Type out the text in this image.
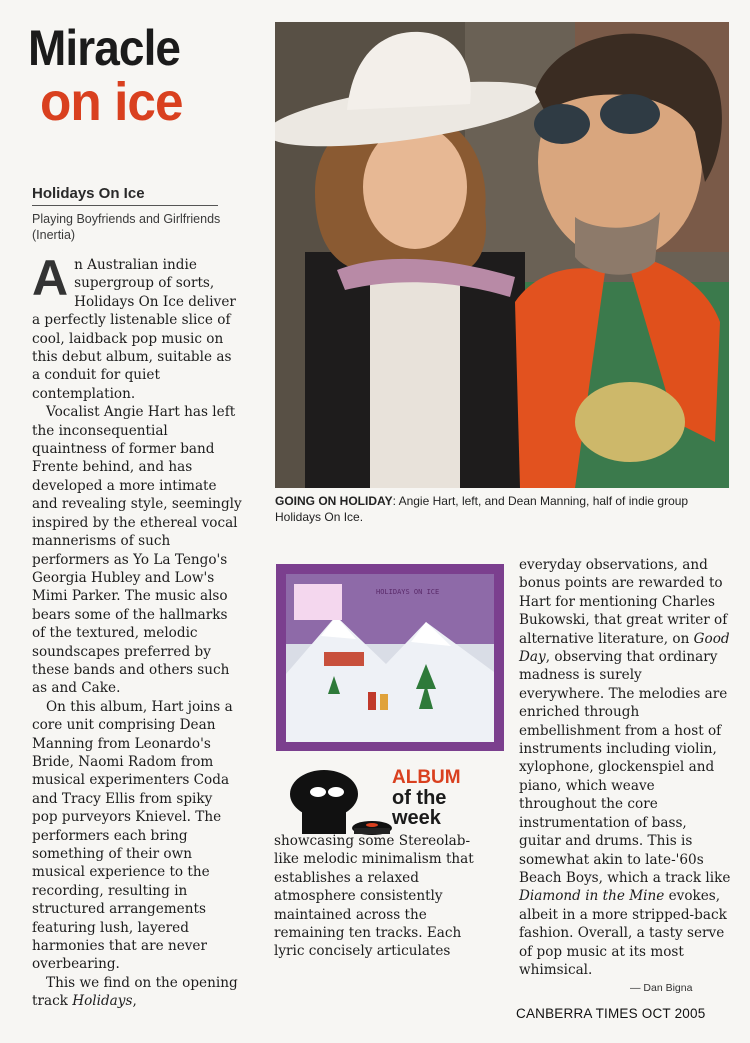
Miracle
on ice
Holidays On Ice
Playing Boyfriends and Girlfriends (Inertia)
A n Australian indie supergroup of sorts, Holidays On Ice deliver a perfectly listenable slice of cool, laidback pop music on this debut album, suitable as a conduit for quiet contemplation.

Vocalist Angie Hart has left the inconsequential quaintness of former band Frente behind, and has developed a more intimate and revealing style, seemingly inspired by the ethereal vocal mannerisms of such performers as Yo La Tengo's Georgia Hubley and Low's Mimi Parker. The music also bears some of the hallmarks of the textured, melodic soundscapes preferred by these bands and others such as and Cake.

On this album, Hart joins a core unit comprising Dean Manning from Leonardo's Bride, Naomi Radom from musical experimenters Coda and Tracy Ellis from spiky pop purveyors Knievel. The performers each bring something of their own musical experience to the recording, resulting in structured arrangements featuring lush, layered harmonies that are never overbearing.

This we find on the opening track Holidays,

GOING ON HOLIDAY: Angie Hart, left, and Dean Manning, half of indie group Holidays On Ice.
HOLIDAYS ON ICE
ALBUM
of the
week

showcasing some Stereolab-like melodic minimalism that establishes a relaxed atmosphere consistently maintained across the remaining ten tracks. Each lyric concisely articulates

everyday observations, and bonus points are rewarded to Hart for mentioning Charles Bukowski, that great writer of alternative literature, on Good Day, observing that ordinary madness is surely everywhere. The melodies are enriched through embellishment from a host of instruments including violin, xylophone, glockenspiel and piano, which weave throughout the core instrumentation of bass, guitar and drums. This is somewhat akin to late-'60s Beach Boys, which a track like Diamond in the Mine evokes, albeit in a more stripped-back fashion. Overall, a tasty serve of pop music at its most whimsical.

— Dan Bigna
CANBERRA TIMES OCT 2005
